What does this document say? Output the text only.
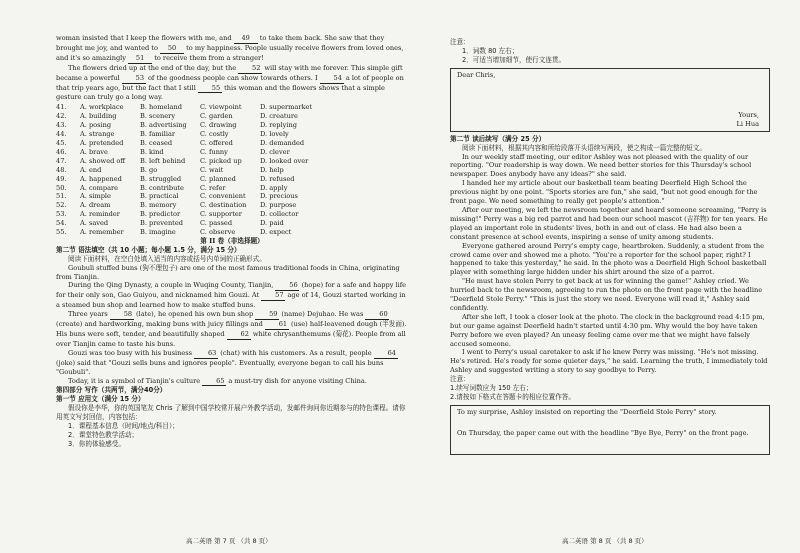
woman insisted that I keep the flowers with me, and 49 to take them back. She saw that they brought me joy, and wanted to 50 to my happiness. People usually receive flowers from loved ones, and it's so amazingly 51 to receive them from a stranger!

The flowers dried up at the end of the day, but the 52 will stay with me forever. This simple gift became a powerful 53 of the goodness people can show towards others. I 54 a lot of people on that trip years ago, but the fact that I still 55 this woman and the flowers shows that a simple gesture can truly go a long way.

41.	A. workplace	B. homeland	C. viewpoint	D. supermarket
42.	A. building	B. scenery	C. garden	D. creature
43.	A. posing	B. advertising	C. drawing	D. replying
44.	A. strange	B. familiar	C. costly	D. lovely
45.	A. pretended	B. ceased	C. offered	D. demanded
46.	A. brave	B. kind	C. funny	D. clever
47.	A. showed off	B. left behind	C. picked up	D. looked over
48.	A. end	B. go	C. wait	D. help
49.	A. happened	B. struggled	C. planned	D. refused
50.	A. compare	B. contribute	C. refer	D. apply
51.	A. simple	B. practical	C. convenient	D. precious
52.	A. dream	B. memory	C. destination	D. purpose
53.	A. reminder	B. predictor	C. supporter	D. collector
54.	A. saved	B. prevented	C. passed	D. paid
55.	A. remember	B. imagine	C. observe	D. expect

第 II 卷（非选择题）

第二节 语法填空（共 10 小题；每小题 1.5 分，满分 15 分）

阅读下面材料，在空白处填入适当的内容或括号内单词的正确形式。

Goubuli stuffed buns (狗不理包子) are one of the most famous traditional foods in China, originating from Tianjin.

During the Qing Dynasty, a couple in Wuqing County, Tianjin, 56 (hope) for a safe and happy life for their only son, Gao Guiyou, and nicknamed him Gouzi. At 57 age of 14, Gouzi started working in a steamed bun shop and learned how to make stuffed buns.

Three years 58 (late), he opened his own bun shop 59 (name) Dejuhao. He was 60 (create) and hardworking, making buns with juicy fillings and 61 (use) half-leavened dough (半发面). His buns were soft, tender, and beautifully shaped 62 white chrysanthemums (菊花). People from all over Tianjin came to taste his buns.

Gouzi was too busy with his business 63 (chat) with his customers. As a result, people 64 (joke) said that "Gouzi sells buns and ignores people". Eventually, everyone began to call his buns "Goubuli".

Today, it is a symbol of Tianjin's culture 65 a must-try dish for anyone visiting China.

第四部分 写作（共两节，满分40分）

第一节 应用文（满分 15 分）

假设你是李华，你的英国笔友 Chris 了解到中国学校常开展户外教学活动，发邮件询问你近期参与的特色课程。请你用英文写封回信，内容包括：

1．课程基本信息（时间/地点/科目）；

2．课堂特色教学活动；

3．你的体验感受。

高二英语 第 7 页 （共 8 页）

注意：

1．词数 80 左右；

2．可适当增加细节，使行文连贯。

Dear Chris,

Yours,

Li Hua

第二节 读后续写（满分 25 分）

阅读下面材料，根据其内容和所给段落开头语续写两段，使之构成一篇完整的短文。

In our weekly staff meeting, our editor Ashley was not pleased with the quality of our reporting. "Our readership is way down. We need better stories for this Thursday's school newspaper. Does anybody have any ideas?" she said.

I handed her my article about our basketball team beating Deerfield High School the previous night by one point. "Sports stories are fun," she said, "but not good enough for the front page. We need something to really get people's attention."

After our meeting, we left the newsroom together and heard someone screaming, "Perry is missing!" Perry was a big red parrot and had been our school mascot (吉祥物) for ten years. He played an important role in students' lives, both in and out of class. He had also been a constant presence at school events, inspiring a sense of unity among students.

Everyone gathered around Perry's empty cage, heartbroken. Suddenly, a student from the crowd came over and showed me a photo. "You're a reporter for the school paper, right? I happened to take this yesterday," he said. In the photo was a Deerfield High School basketball player with something large hidden under his shirt around the size of a parrot.

"He must have stolen Perry to get back at us for winning the game!" Ashley cried. We hurried back to the newsroom, agreeing to run the photo on the front page with the headline "Deerfield Stole Perry." "This is just the story we need. Everyone will read it," Ashley said confidently.

After she left, I took a closer look at the photo. The clock in the background read 4:15 pm, but our game against Deerfield hadn't started until 4:30 pm. Why would the boy have taken Perry before we even played? An uneasy feeling came over me that we might have falsely accused someone.

I went to Perry's usual caretaker to ask if he knew Perry was missing. "He's not missing. He's retired. He's ready for some quieter days," he said. Learning the truth, I immediately told Ashley and suggested writing a story to say goodbye to Perry.

注意：

1.续写词数应为 150 左右；

2.请按如下格式在答题卡的相应位置作答。

To my surprise, Ashley insisted on reporting the "Deerfield Stole Perry" story.

On Thursday, the paper came out with the headline "Bye Bye, Perry" on the front page.

高二英语 第 8 页 （共 8 页）
